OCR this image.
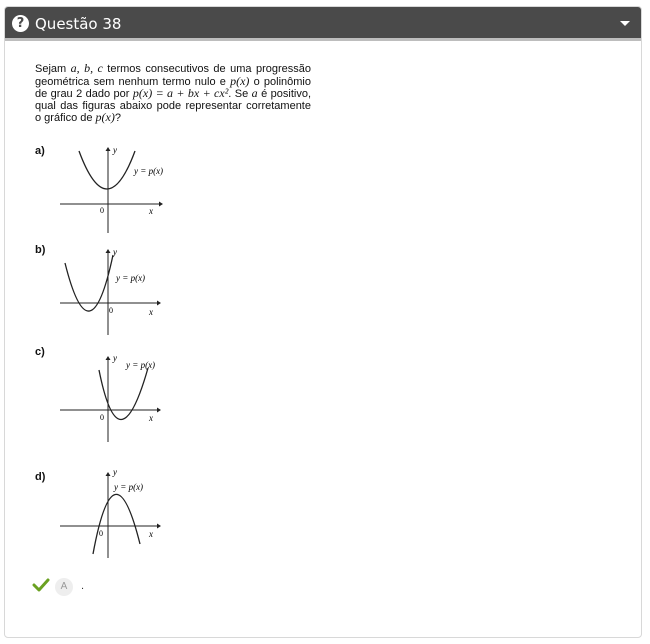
? Questão 38
Sejam a, b, c termos consecutivos de uma progressão geométrica sem nenhum termo nulo e p(x) o polinômio de grau 2 dado por p(x) = a + bx + cx². Se a é positivo, qual das figuras abaixo pode representar corretamente o gráfico de p(x)?
a)	y
y = p(x)
x
0
b)	y
y = p(x)
x
0
c)	y
y = p(x)
x
0
d)	y
y = p(x)
x
0
A	.
